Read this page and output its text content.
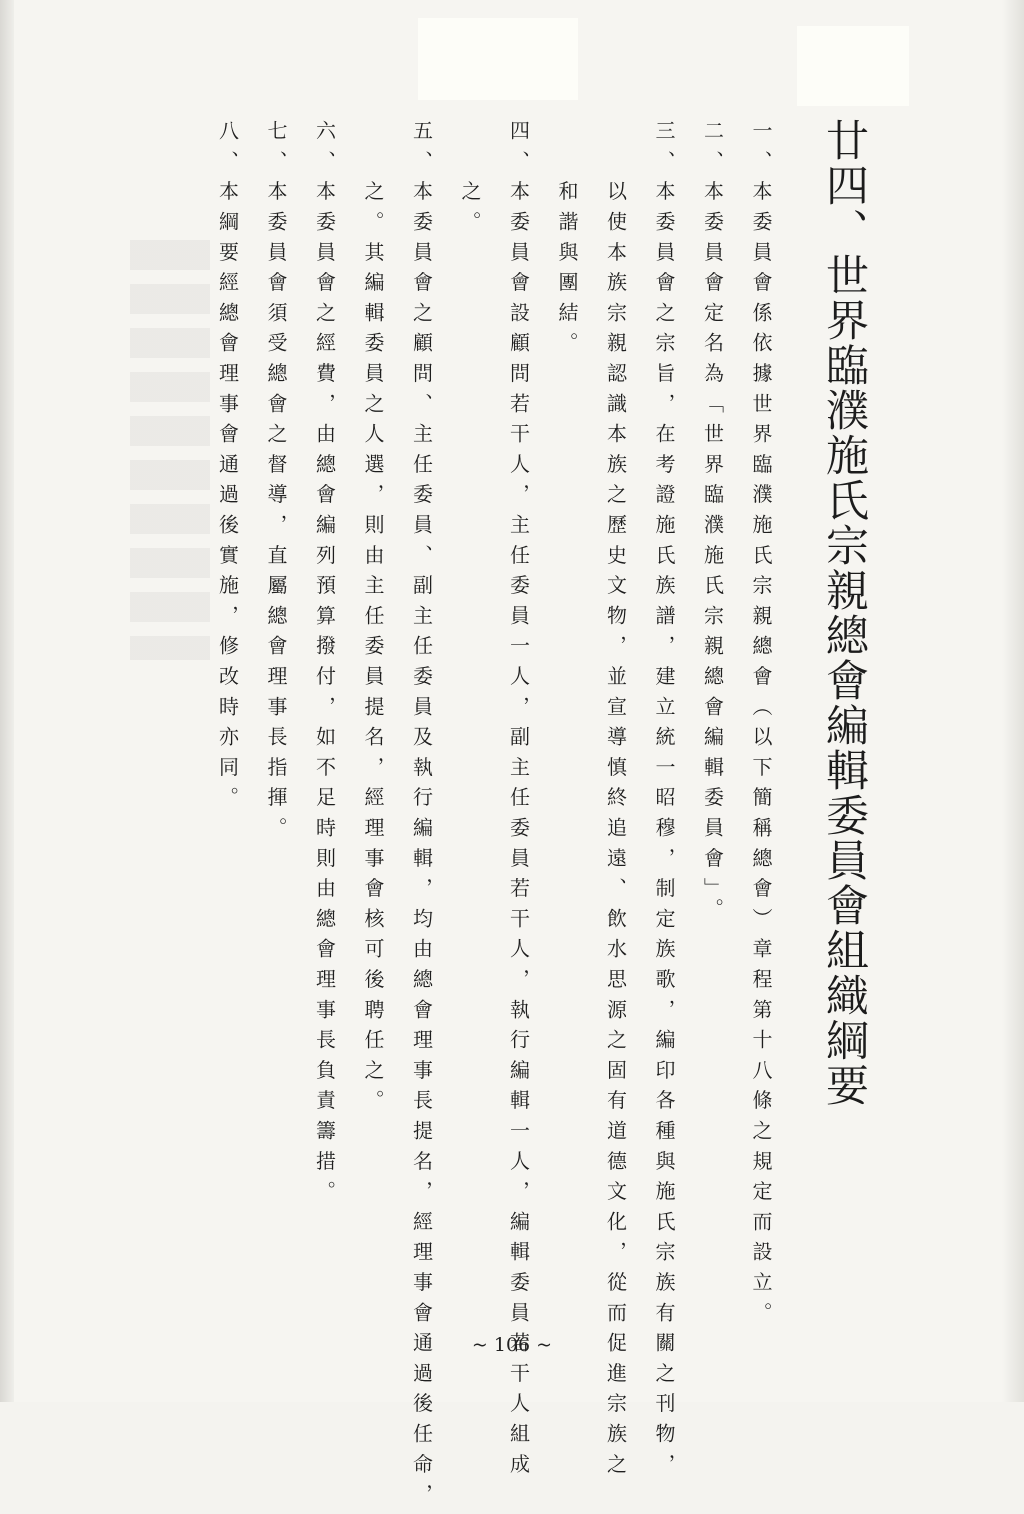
廿四、世界臨濮施氏宗親總會編輯委員會組織綱要
一、本委員會係依據世界臨濮施氏宗親總會（以下簡稱總會）章程第十八條之規定而設立。
二、本委員會定名為「世界臨濮施氏宗親總會編輯委員會」。
三、本委員會之宗旨，在考證施氏族譜，建立統一昭穆，制定族歌，編印各種與施氏宗族有關之刊物，
　　以使本族宗親認識本族之歷史文物，並宣導慎終追遠、飲水思源之固有道德文化，從而促進宗族之
　　和諧與團結。
四、本委員會設顧問若干人，主任委員一人，副主任委員若干人，執行編輯一人，編輯委員若干人組成
　　之。
五、本委員會之顧問、主任委員、副主任委員及執行編輯，均由總會理事長提名，經理事會通過後任命，
　　之。其編輯委員之人選，則由主任委員提名，經理事會核可後聘任之。
六、本委員會之經費，由總會編列預算撥付，如不足時則由總會理事長負責籌措。
七、本委員會須受總會之督導，直屬總會理事長指揮。
八、本綱要經總會理事會通過後實施，修改時亦同。
~ 106 ~
